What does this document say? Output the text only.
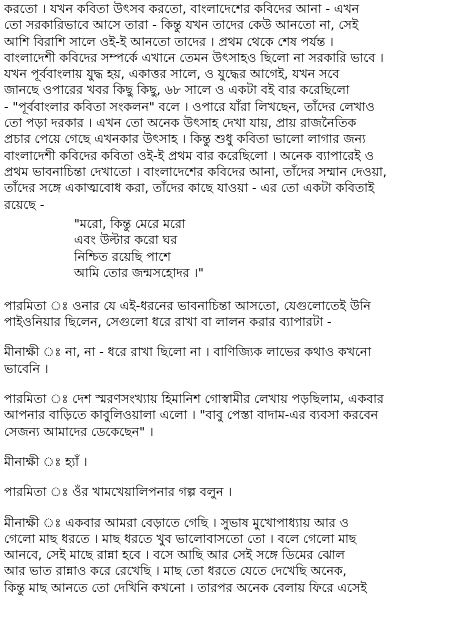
করতো । যখন কবিতা উৎসব করতো, বাংলাদেশের কবিদের আনা - এখন
তো সরকারিভাবে আসে তারা - কিন্তু যখন তাদের কেউ আনতো না, সেই
আশি বিরাশি সালে ওই-ই আনতো তাদের । প্রথম থেকে শেষ পর্যন্ত ।
বাংলাদেশী কবিদের সম্পর্কে এখানে তেমন উৎসাহও ছিলো না সরকারি ভাবে ।
যখন পূর্ববাংলায় যুদ্ধ হয়, একাত্তর সালে, ও যুদ্ধের আগেই, যখন সবে
জানছে ওপারের খবর কিছু কিছু, ৬৮ সালে ও একটা বই বার করেছিলো
- "পূর্ববাংলার কবিতা সংকলন" বলে । ওপারে যাঁরা লিখছেন, তাঁদের লেখাও
তো পড়া দরকার । এখন তো অনেক উৎসাহ দেখা যায়, প্রায় রাজনৈতিক
প্রচার পেয়ে গেছে এখনকার উৎসাহ । কিন্তু শুধু কবিতা ভালো লাগার জন্য
বাংলাদেশী কবিদের কবিতা ওই-ই প্রথম বার করেছিলো । অনেক ব্যাপারেই ও
প্রথম ভাবনাচিন্তা দেখাতো । বাংলাদেশের কবিদের আনা, তাঁদের সম্মান দেওয়া,
তাঁদের সঙ্গে একাত্মবোধ করা, তাঁদের কাছে যাওয়া - এর তো একটা কবিতাই
রয়েছে -
"মরো, কিন্তু মেরে মরো
এবং উল্টার করো ঘর
নিশ্চিত রয়েছি পাশে
আমি তোর জন্মসহোদর ।"
পারমিতা ঃ ওনার যে এই-ধরনের ভাবনাচিন্তা আসতো, যেগুলোতেই উনি
পাইওনিয়ার ছিলেন, সেগুলো ধরে রাখা বা লালন করার ব্যাপারটা -
মীনাক্ষী ঃ না, না - ধরে রাখা ছিলো না । বাণিজ্যিক লাভের কথাও কখনো
ভাবেনি ।
পারমিতা ঃ দেশ স্মরণসংখ্যায় হিমানিশ গোস্বামীর লেখায় পড়ছিলাম, একবার
আপনার বাড়িতে কাবুলিওয়ালা এলো । "বাবু পেস্তা বাদাম-এর ব্যবসা করবেন
সেজন্য আমাদের ডেকেছেন" ।
মীনাক্ষী ঃ হ্যাঁ ।
পারমিতা ঃ ওঁর খামখেয়ালিপনার গল্প বলুন ।
মীনাক্ষী ঃ একবার আমরা বেড়াতে গেছি । সুভাষ মুখোপাধ্যায় আর ও
গেলো মাছ ধরতে । মাছ ধরতে খুব ভালোবাসতো তো । বলে গেলো মাছ
আনবে, সেই মাছে রান্না হবে । বসে আছি আর সেই সঙ্গে ডিমের ঝোল
আর ভাত রান্নাও করে রেখেছি । মাছ তো ধরতে যেতে দেখেছি অনেক,
কিন্তু মাছ আনতে তো দেখিনি কখনো । তারপর অনেক বেলায় ফিরে এসেই
